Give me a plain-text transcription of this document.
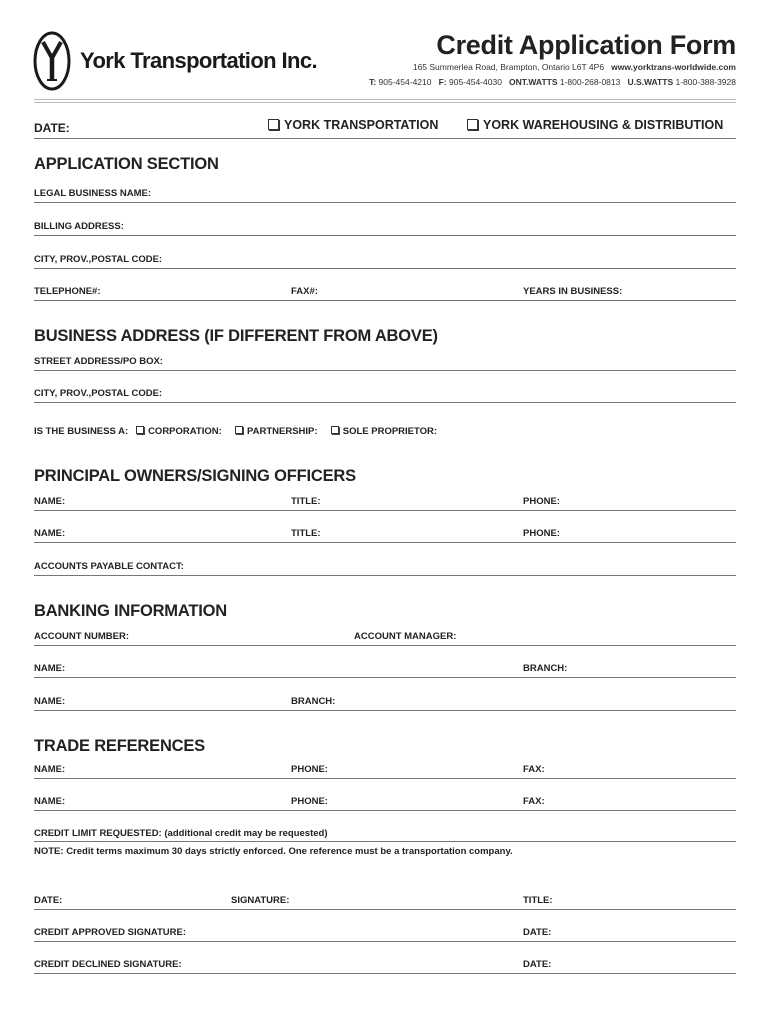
York Transportation Inc.
Credit Application Form
165 Summerlea Road, Brampton, Ontario L6T 4P6 www.yorktrans-worldwide.com
T: 905-454-4210 F: 905-454-4030 ONT.WATTS 1-800-268-0813 U.S.WATTS 1-800-388-3928
DATE:	YORK TRANSPORTATION	YORK WAREHOUSING & DISTRIBUTION
APPLICATION SECTION
LEGAL BUSINESS NAME:
BILLING ADDRESS:
CITY, PROV.,POSTAL CODE:
TELEPHONE#:	FAX#:	YEARS IN BUSINESS:
BUSINESS ADDRESS (IF DIFFERENT FROM ABOVE)
STREET ADDRESS/PO BOX:
CITY, PROV.,POSTAL CODE:
IS THE BUSINESS A: CORPORATION:	PARTNERSHIP:	SOLE PROPRIETOR:
PRINCIPAL OWNERS/SIGNING OFFICERS
NAME:	TITLE:	PHONE:
NAME:	TITLE:	PHONE:
ACCOUNTS PAYABLE CONTACT:
BANKING INFORMATION
ACCOUNT NUMBER:	ACCOUNT MANAGER:
NAME:	BRANCH:
NAME:	BRANCH:
TRADE REFERENCES
NAME:	PHONE:	FAX:
NAME:	PHONE:	FAX:
CREDIT LIMIT REQUESTED: (additional credit may be requested)
NOTE: Credit terms maximum 30 days strictly enforced. One reference must be a transportation company.
DATE:	SIGNATURE:	TITLE:
CREDIT APPROVED SIGNATURE:	DATE:
CREDIT DECLINED SIGNATURE:	DATE:
